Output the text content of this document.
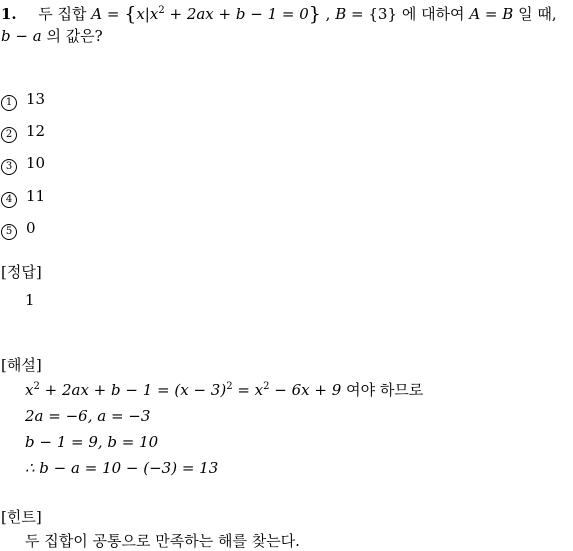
1. 두 집합 $A = \{x|x^2 + 2ax + b - 1 = 0\}$ , B = {3} 에 대하여 A = B 일 때,
b − a 의 값은?
1 13
2 12
3 10
4 11
5 0
[정답]
1
[해설]
$x^2 + 2ax + b - 1 = (x - 3)^2 = x^2 - 6x + 9$ 여야 하므로
2a = −6, a = −3
b − 1 = 9, b = 10
∴ b − a = 10 − (−3) = 13
[힌트]
두 집합이 공통으로 만족하는 해를 찾는다.
